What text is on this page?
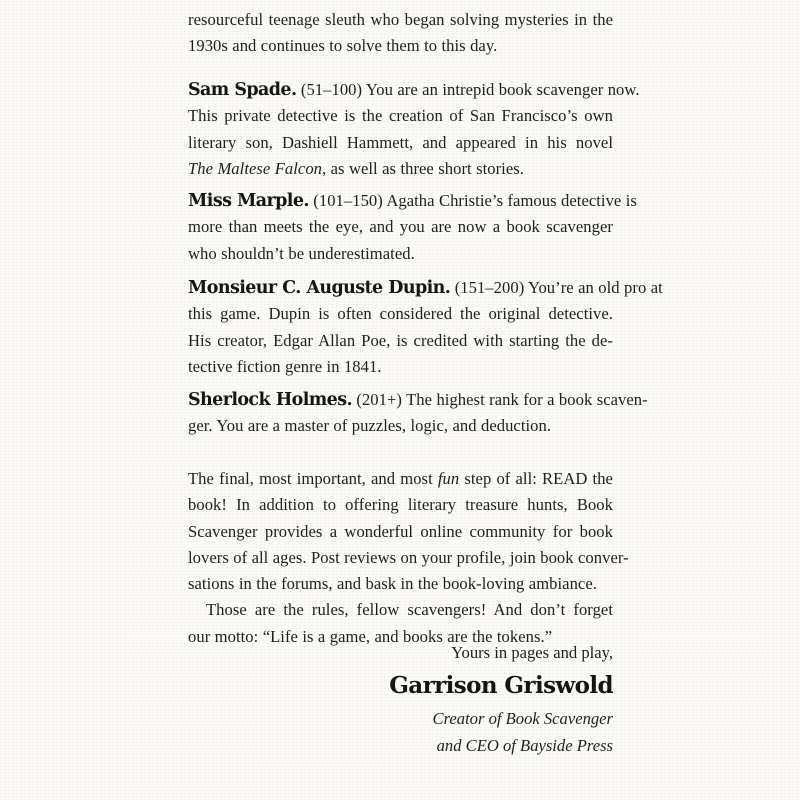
resourceful teenage sleuth who began solving mysteries in the
1930s and continues to solve them to this day.
Sam Spade. (51–100) You are an intrepid book scavenger now.
This private detective is the creation of San Francisco’s own
literary son, Dashiell Hammett, and appeared in his novel
The Maltese Falcon, as well as three short stories.
Miss Marple. (101–150) Agatha Christie’s famous detective is
more than meets the eye, and you are now a book scavenger
who shouldn’t be underestimated.
Monsieur C. Auguste Dupin. (151–200) You’re an old pro at
this game. Dupin is often considered the original detective.
His creator, Edgar Allan Poe, is credited with starting the de-
tective fiction genre in 1841.
Sherlock Holmes. (201+) The highest rank for a book scaven-
ger. You are a master of puzzles, logic, and deduction.
The final, most important, and most fun step of all: READ the
book! In addition to offering literary treasure hunts, Book
Scavenger provides a wonderful online community for book
lovers of all ages. Post reviews on your profile, join book conver-
sations in the forums, and bask in the book-loving ambiance.
Those are the rules, fellow scavengers! And don’t forget
our motto: “Life is a game, and books are the tokens.”
Yours in pages and play,
Garrison Griswold
Creator of Book Scavenger
and CEO of Bayside Press
